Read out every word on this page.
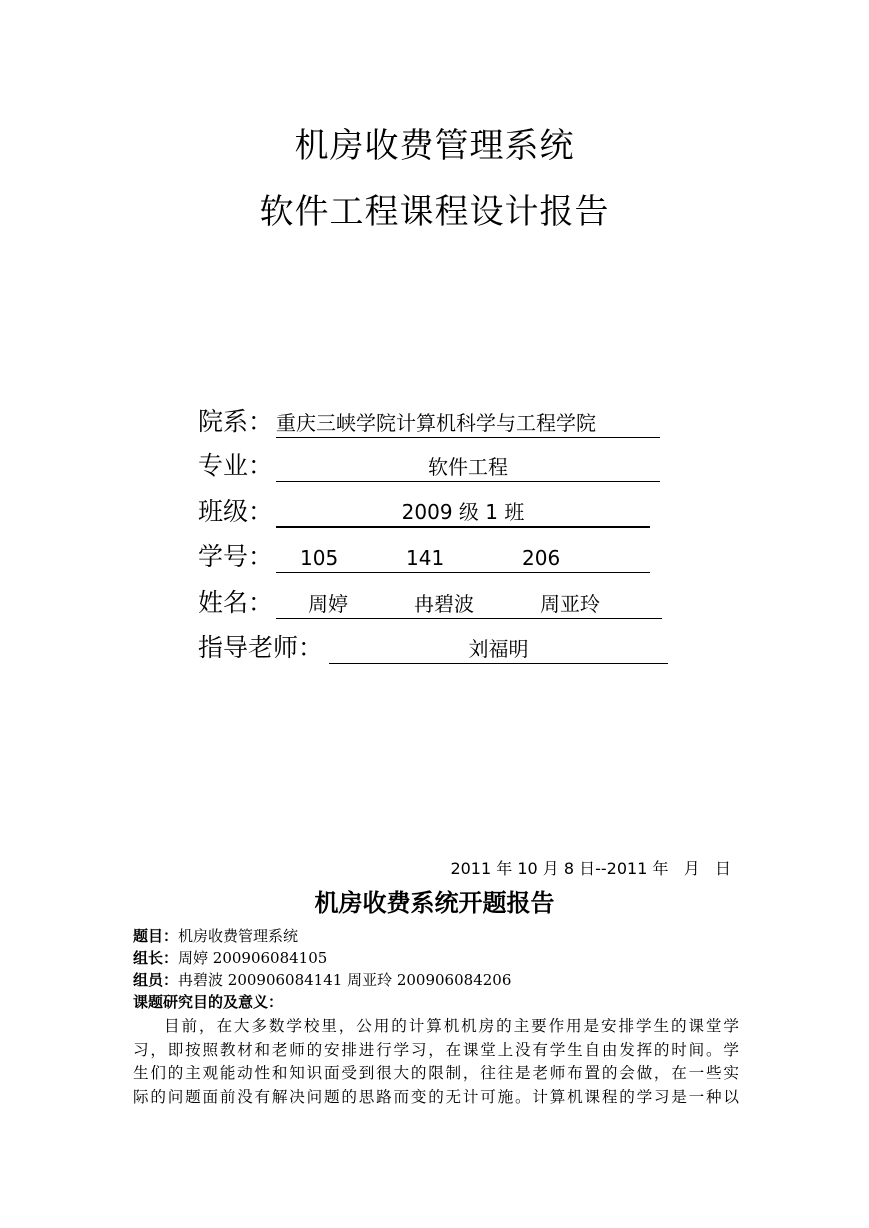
机房收费管理系统
软件工程课程设计报告
院系： 重庆三峡学院计算机科学与工程学院
专业：	软件工程
班级：	2009 级 1 班
学号： 105	141	206
姓名： 周婷	冉碧波	周亚玲
指导老师：	刘福明
2011 年 10 月 8 日--2011 年   月   日
机房收费系统开题报告
题目：机房收费管理系统
组长：周婷 200906084105
组员：冉碧波 200906084141 周亚玲 200906084206
课题研究目的及意义：
目前，在大多数学校里，公用的计算机机房的主要作用是安排学生的课堂学
习，即按照教材和老师的安排进行学习，在课堂上没有学生自由发挥的时间。学
生们的主观能动性和知识面受到很大的限制，往往是老师布置的会做，在一些实
际的问题面前没有解决问题的思路而变的无计可施。计算机课程的学习是一种以
